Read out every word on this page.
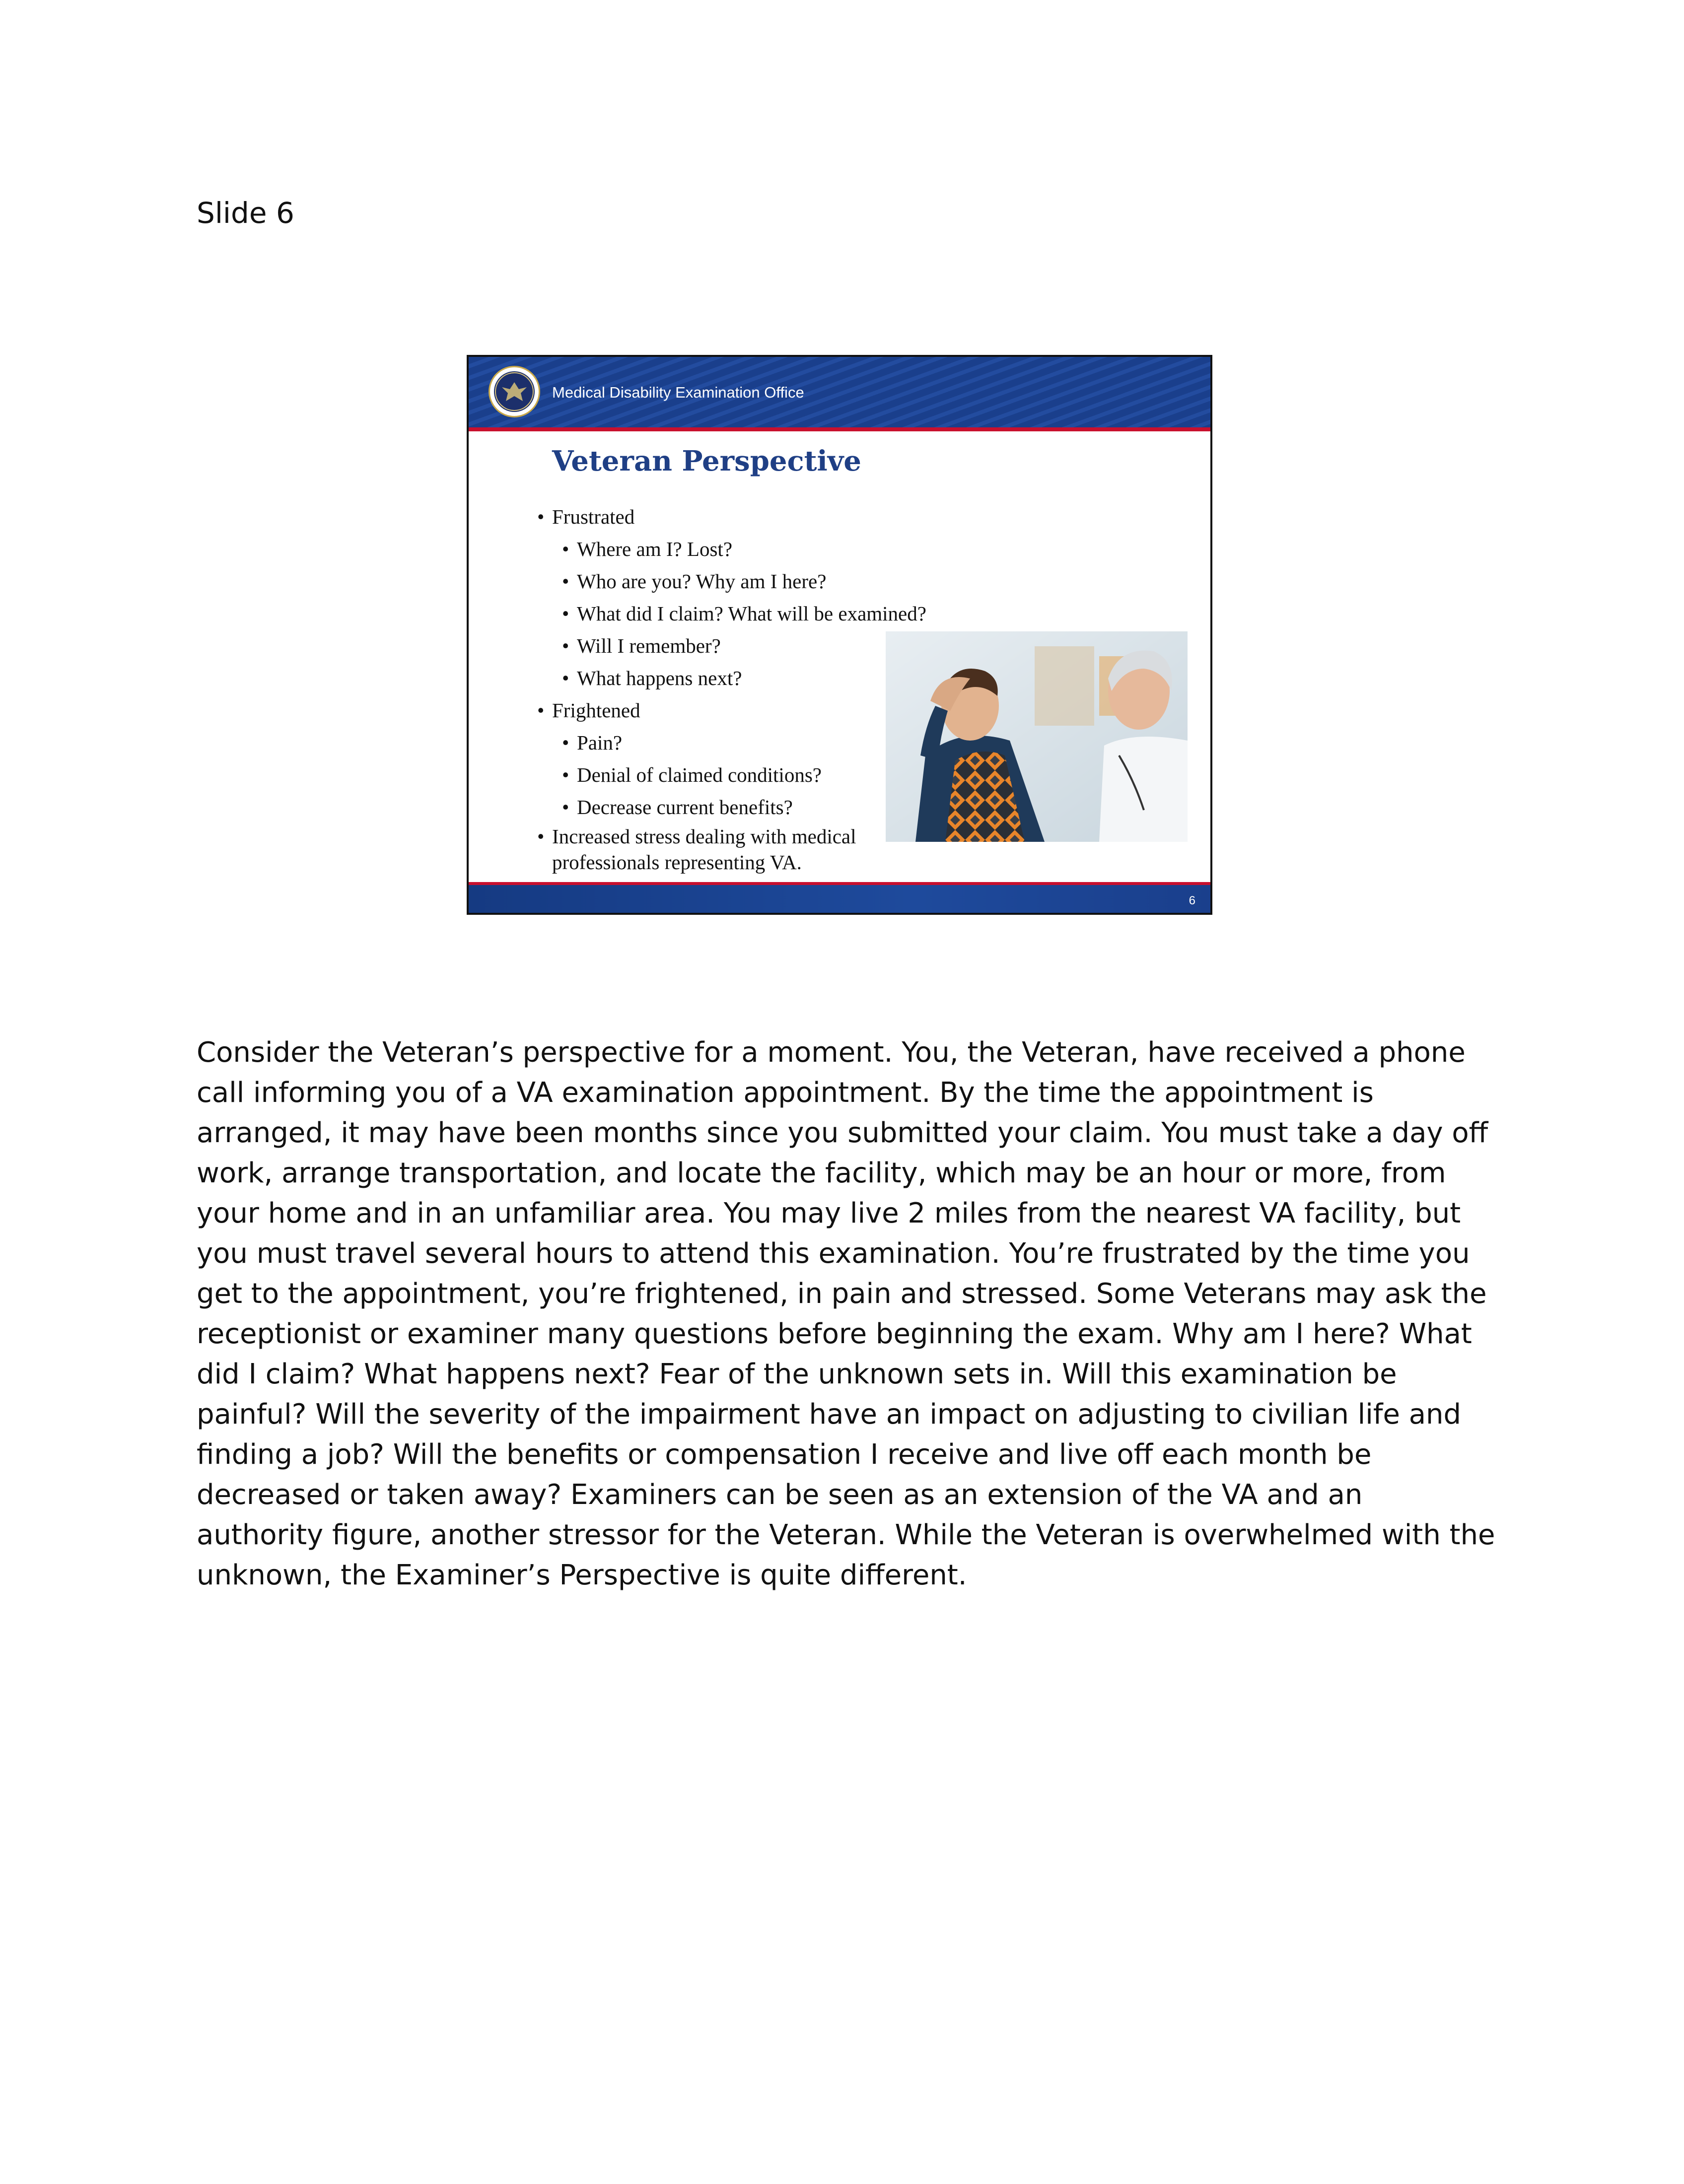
Slide 6
Medical Disability Examination Office
Veteran Perspective
• Frustrated
• Where am I? Lost?
• Who are you? Why am I here?
• What did I claim? What will be examined?
• Will I remember?
• What happens next?
• Frightened
• Pain?
• Denial of claimed conditions?
• Decrease current benefits?
• Increased stress dealing with medical professionals representing VA.
6

Consider the Veteran’s perspective for a moment. You, the Veteran, have received a phone call informing you of a VA examination appointment. By the time the appointment is arranged, it may have been months since you submitted your claim. You must take a day off work, arrange transportation, and locate the facility, which may be an hour or more, from your home and in an unfamiliar area. You may live 2 miles from the nearest VA facility, but you must travel several hours to attend this examination. You’re frustrated by the time you get to the appointment, you’re frightened, in pain and stressed. Some Veterans may ask the receptionist or examiner many questions before beginning the exam. Why am I here? What did I claim? What happens next? Fear of the unknown sets in. Will this examination be painful? Will the severity of the impairment have an impact on adjusting to civilian life and finding a job? Will the benefits or compensation I receive and live off each month be decreased or taken away? Examiners can be seen as an extension of the VA and an authority figure, another stressor for the Veteran. While the Veteran is overwhelmed with the unknown, the Examiner’s Perspective is quite different.
